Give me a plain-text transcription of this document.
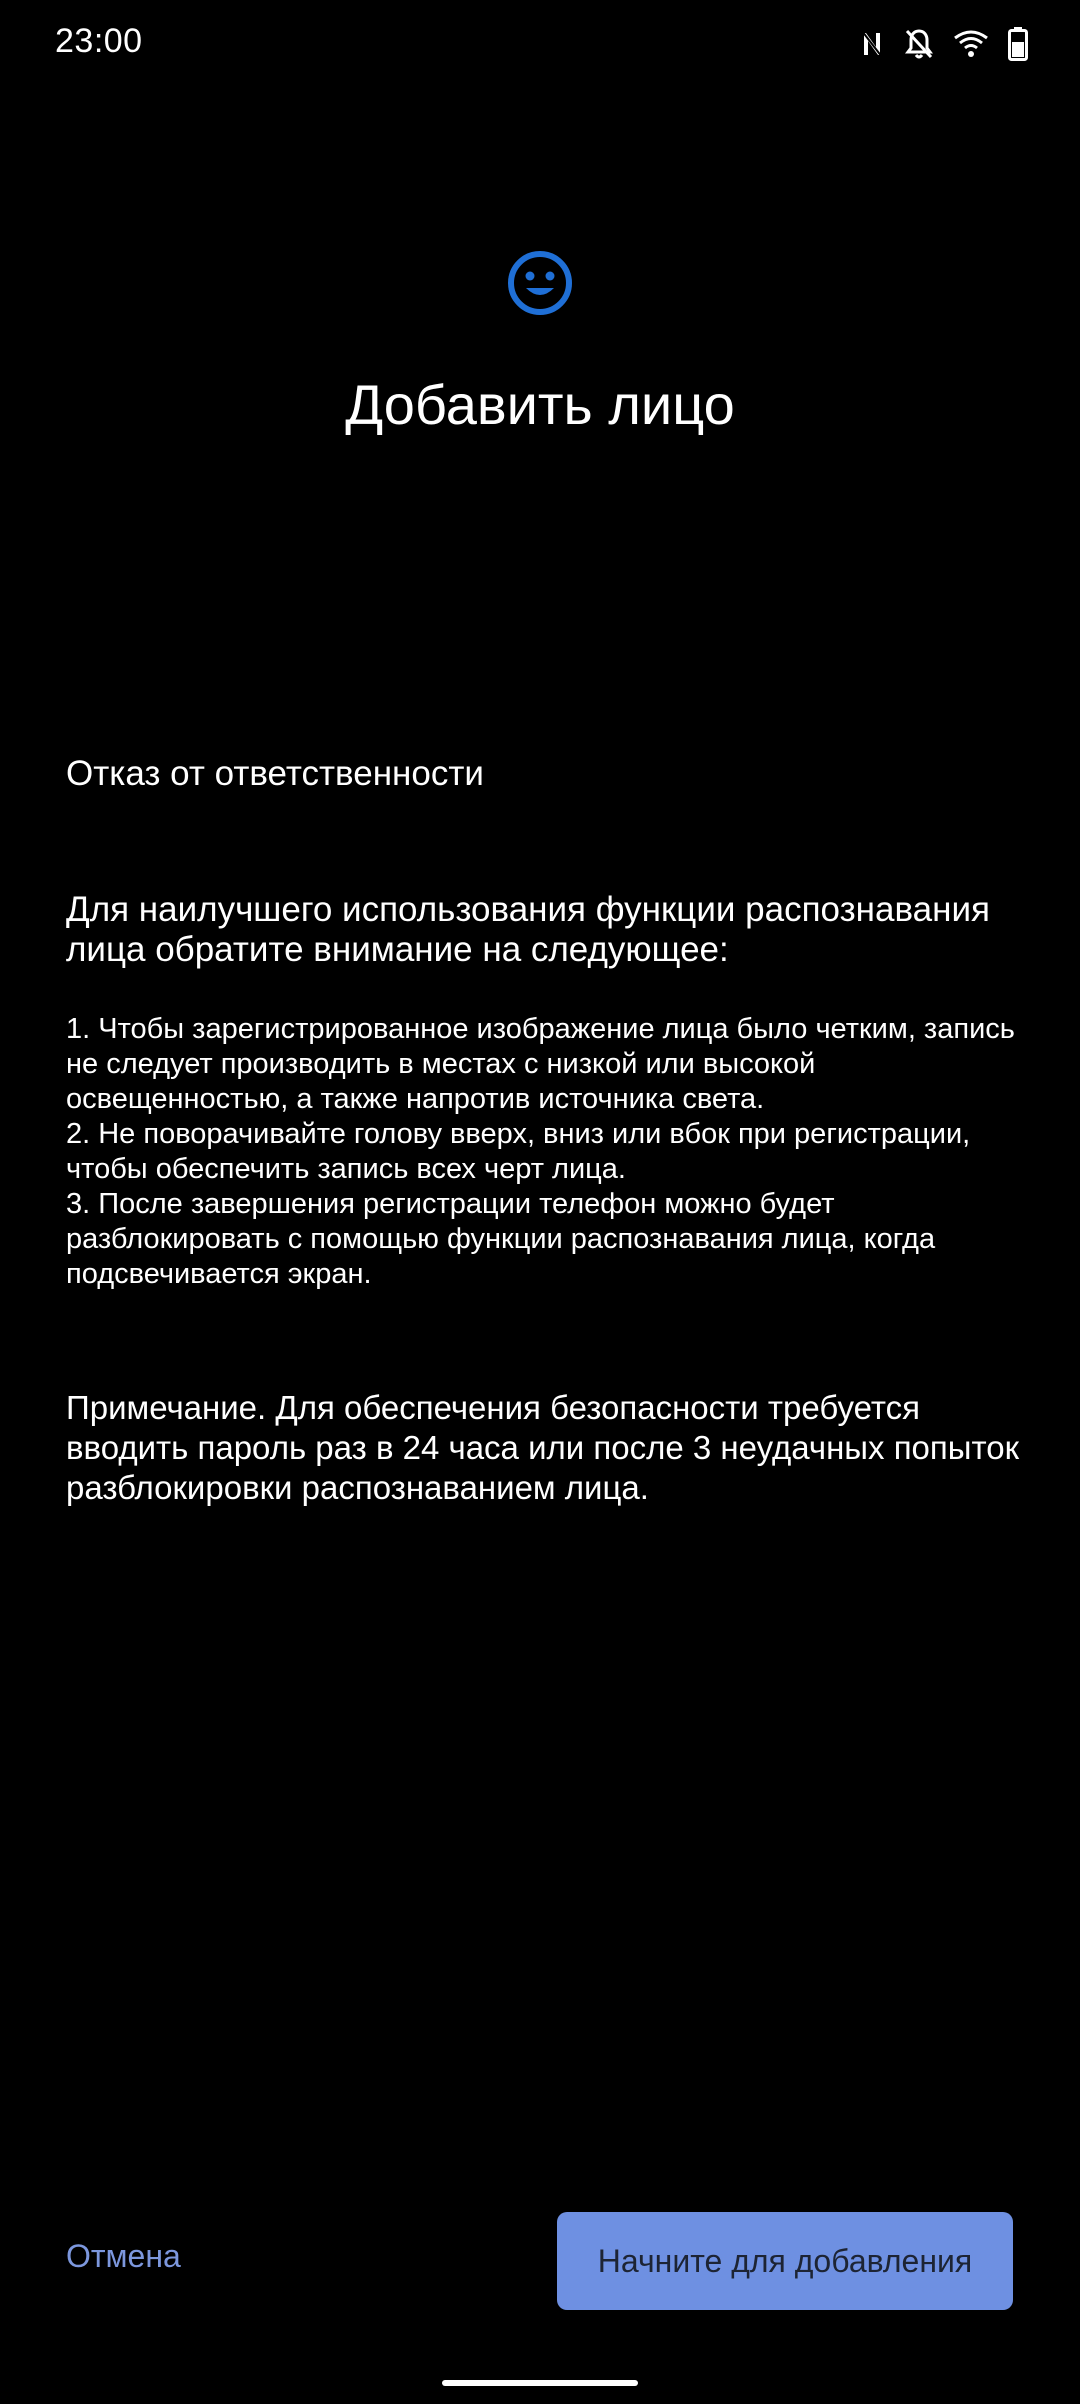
23:00
Добавить лицо
Отказ от ответственности
Для наилучшего использования функции распознавания лица обратите внимание на следующее:
1. Чтобы зарегистрированное изображение лица было четким, запись не следует производить в местах с низкой или высокой освещенностью, а также напротив источника света.
2. Не поворачивайте голову вверх, вниз или вбок при регистрации, чтобы обеспечить запись всех черт лица.
3. После завершения регистрации телефон можно будет разблокировать с помощью функции распознавания лица, когда подсвечивается экран.
Примечание. Для обеспечения безопасности требуется вводить пароль раз в 24 часа или после 3 неудачных попыток разблокировки распознаванием лица.
Отмена	Начните для добавления
